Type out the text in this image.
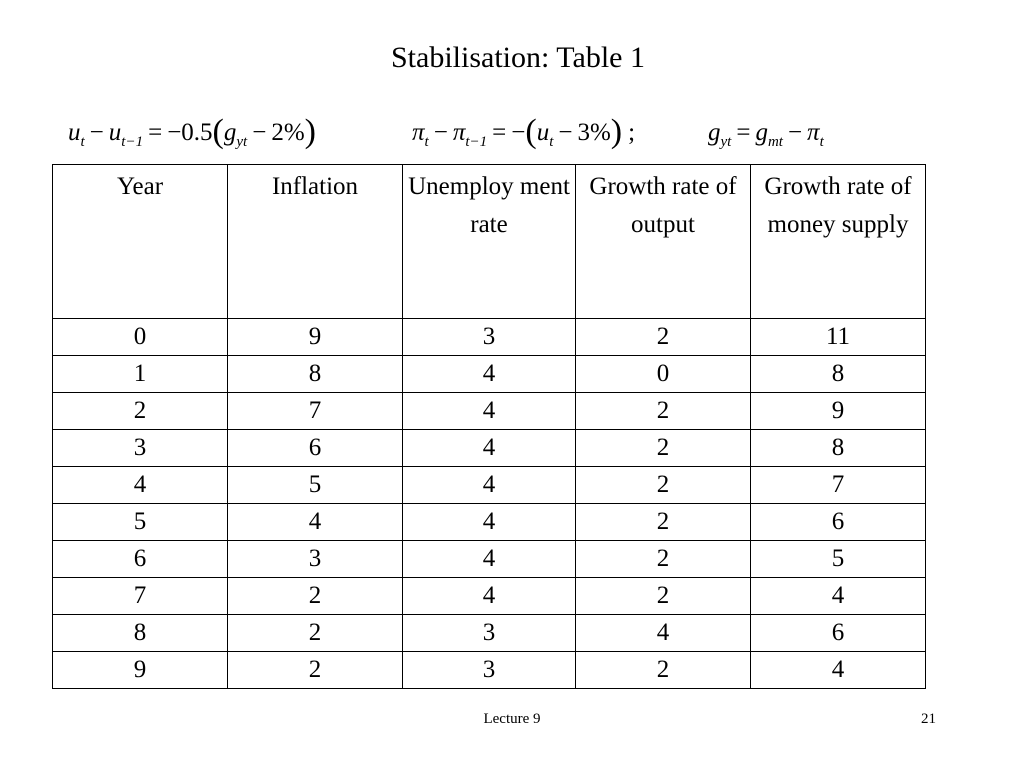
Stabilisation: Table 1
$u_t - u_{t-1} = -0.5(g_{yt} - 2\%)$	$\pi_t - \pi_{t-1} = -(u_t - 3\%)$ ;	$g_{yt} = g_{mt} - \pi_t$
Year	Inflation	Unemploy ment rate	Growth rate of output	Growth rate of money supply
0	9	3	2	11
1	8	4	0	8
2	7	4	2	9
3	6	4	2	8
4	5	4	2	7
5	4	4	2	6
6	3	4	2	5
7	2	4	2	4
8	2	3	4	6
9	2	3	2	4
Lecture 9	21
